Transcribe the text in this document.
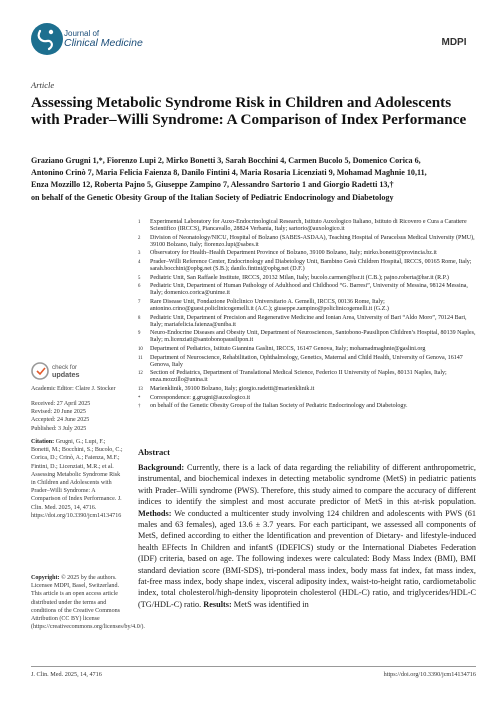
Journal of
Clinical Medicine	MDPI
Article
Assessing Metabolic Syndrome Risk in Children and Adolescents with Prader–Willi Syndrome: A Comparison of Index Performance
Graziano Grugni 1,*, Fiorenzo Lupi 2, Mirko Bonetti 3, Sarah Bocchini 4, Carmen Bucolo 5, Domenico Corica 6,
Antonino Crinò 7, Maria Felicia Faienza 8, Danilo Fintini 4, Maria Rosaria Licenziati 9, Mohamad Maghnie 10,11,
Enza Mozzillo 12, Roberta Pajno 5, Giuseppe Zampino 7, Alessandro Sartorio 1 and Giorgio Radetti 13,†
on behalf of the Genetic Obesity Group of the Italian Society of Pediatric Endocrinology and Diabetology
1	Experimental Laboratory for Auxo-Endocrinological Research, Istituto Auxologico Italiano, Istituto di Ricovero e Cura a Carattere Scientifico (IRCCS), Piancavallo, 28824 Verbania, Italy; sartorio@auxologico.it
2	Division of Neonatology/NICU, Hospital of Bolzano (SABES-ASDAA), Teaching Hospital of Paracelsus Medical University (PMU), 39100 Bolzano, Italy; fiorenzo.lupi@sabes.it
3	Observatory for Health–Health Department Province of Bolzano, 39100 Bolzano, Italy; mirko.bonetti@provincia.bz.it
4	Prader–Willi Reference Center, Endocrinology and Diabetology Unit, Bambino Gesù Children Hospital, IRCCS, 00165 Rome, Italy; sarah.bocchini@opbg.net (S.B.); danilo.fintini@opbg.net (D.F.)
5	Pediatric Unit, San Raffaele Institute, IRCCS, 20132 Milan, Italy; bucolo.carmen@hsr.it (C.B.); pajno.roberta@hsr.it (R.P.)
6	Pediatric Unit, Department of Human Pathology of Adulthood and Childhood “G. Barresi”, University of Messina, 98124 Messina, Italy; domenico.corica@unime.it
7	Rare Disease Unit, Fondazione Policlinico Universitario A. Gemelli, IRCCS, 00136 Rome, Italy; antonino.crino@guest.policlinicogemelli.it (A.C.); giuseppe.zampino@policlinicogemelli.it (G.Z.)
8	Pediatric Unit, Department of Precision and Regenerative Medicine and Ionian Area, University of Bari “Aldo Moro”, 70124 Bari, Italy; mariafelicia.faienza@uniba.it
9	Neuro-Endocrine Diseases and Obesity Unit, Department of Neurosciences, Santobono-Pausilipon Children’s Hospital, 80139 Naples, Italy; m.licenziati@santobonopausilipon.it
10	Department of Pediatrics, Istituto Giannina Gaslini, IRCCS, 16147 Genova, Italy; mohamadmaghnie@gaslini.org
11	Department of Neuroscience, Rehabilitation, Ophthalmology, Genetics, Maternal and Child Health, University of Genova, 16147 Genova, Italy
12	Section of Pediatrics, Department of Translational Medical Science, Federico II University of Naples, 80131 Naples, Italy; enza.mozzillo@unina.it
13	Marienklinik, 39100 Bolzano, Italy; giorgio.radetti@marienklinik.it
*	Correspondence: g.grugni@auxologico.it
†	on behalf of the Genetic Obesity Group of the Italian Society of Pediatric Endocrinology and Diabetology.
check for
updates
Academic Editor: Claire J. Stocker
Received: 27 April 2025
Revised: 20 June 2025
Accepted: 24 June 2025
Published: 3 July 2025
Citation: Grugni, G.; Lupi, F.; Bonetti, M.; Bocchini, S.; Bucolo, C.; Corica, D.; Crinò, A.; Faienza, M.F.; Fintini, D.; Licenziati, M.R.; et al. Assessing Metabolic Syndrome Risk in Children and Adolescents with Prader–Willi Syndrome: A Comparison of Index Performance. J. Clin. Med. 2025, 14, 4716. https://doi.org/10.3390/jcm14134716
Copyright: © 2025 by the authors. Licensee MDPI, Basel, Switzerland. This article is an open access article distributed under the terms and conditions of the Creative Commons Attribution (CC BY) license (https://creativecommons.org/licenses/by/4.0/).
Abstract
Background: Currently, there is a lack of data regarding the reliability of different anthropometric, instrumental, and biochemical indexes in detecting metabolic syndrome (MetS) in pediatric patients with Prader–Willi syndrome (PWS). Therefore, this study aimed to compare the accuracy of different indices to identify the simplest and most accurate predictor of MetS in this at-risk population. Methods: We conducted a multicenter study involving 124 children and adolescents with PWS (61 males and 63 females), aged 13.6 ± 3.7 years. For each participant, we assessed all components of MetS, defined according to either the Identification and prevention of Dietary- and lifestyle-induced health EFfects In Children and infantS (IDEFICS) study or the International Diabetes Federation (IDF) criteria, based on age. The following indexes were calculated: Body Mass Index (BMI), BMI standard deviation score (BMI-SDS), tri-ponderal mass index, body mass fat index, fat mass index, fat-free mass index, body shape index, visceral adiposity index, waist-to-height ratio, cardiometabolic index, total cholesterol/high-density lipoprotein cholesterol (HDL-C) ratio, and triglycerides/HDL-C (TG/HDL-C) ratio. Results: MetS was identified in
J. Clin. Med. 2025, 14, 4716	https://doi.org/10.3390/jcm14134716
